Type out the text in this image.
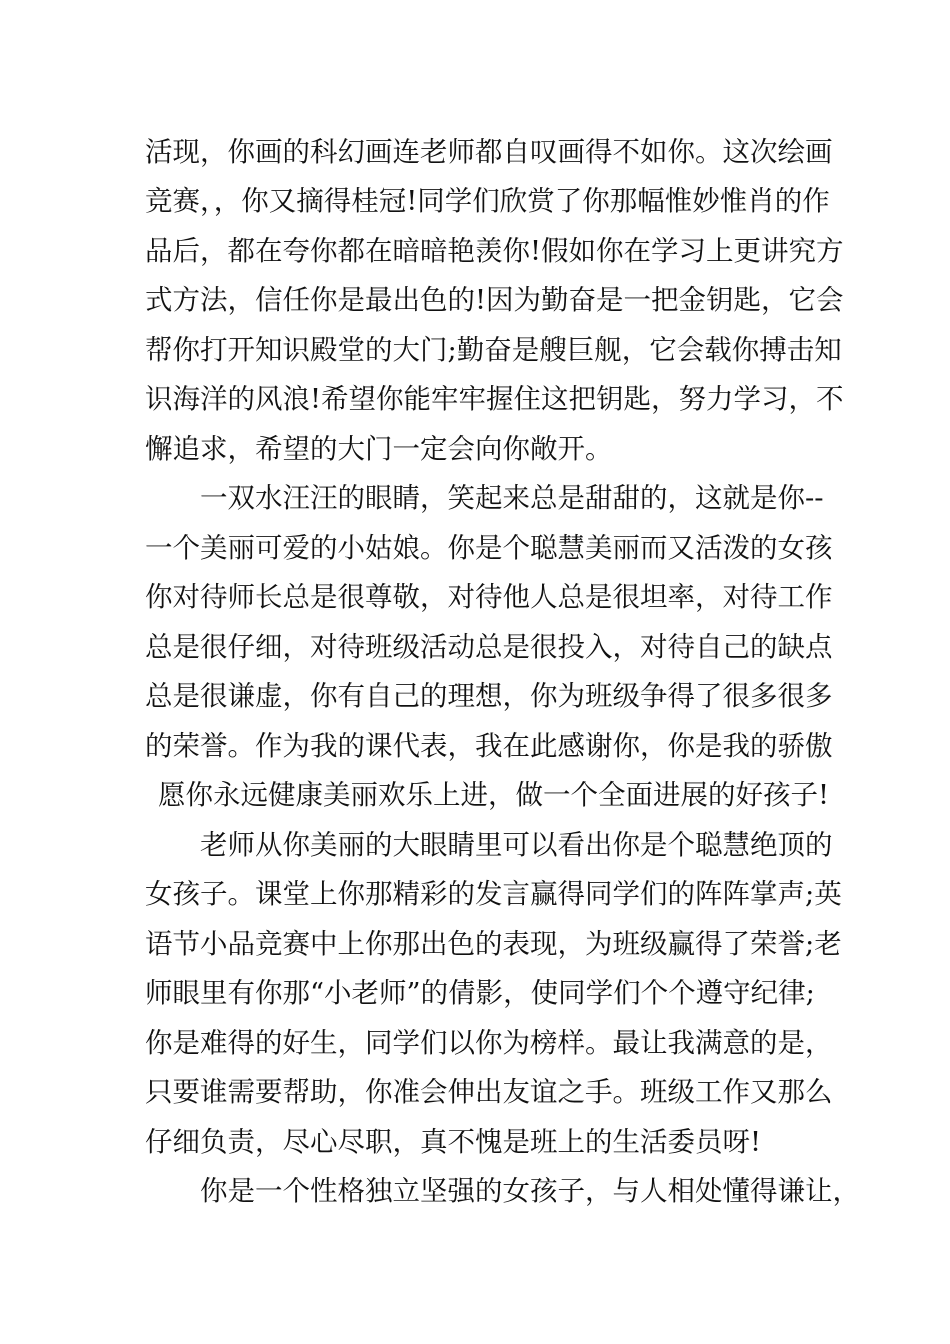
活现，你画的科幻画连老师都自叹画得不如你。这次绘画

竞赛，，你又摘得桂冠!同学们欣赏了你那幅惟妙惟肖的作

品后，都在夸你都在暗暗艳羡你!假如你在学习上更讲究方

式方法，信任你是最出色的!因为勤奋是一把金钥匙，它会

帮你打开知识殿堂的大门;勤奋是艘巨舰，它会载你搏击知

识海洋的风浪!希望你能牢牢握住这把钥匙，努力学习，不

懈追求，希望的大门一定会向你敞开。

一双水汪汪的眼睛，笑起来总是甜甜的，这就是你--

一个美丽可爱的小姑娘。你是个聪慧美丽而又活泼的女孩

你对待师长总是很尊敬，对待他人总是很坦率，对待工作

总是很仔细，对待班级活动总是很投入，对待自己的缺点

总是很谦虚，你有自己的理想，你为班级争得了很多很多

的荣誉。作为我的课代表，我在此感谢你，你是我的骄傲

愿你永远健康美丽欢乐上进，做一个全面进展的好孩子!

老师从你美丽的大眼睛里可以看出你是个聪慧绝顶的

女孩子。课堂上你那精彩的发言赢得同学们的阵阵掌声;英

语节小品竞赛中上你那出色的表现，为班级赢得了荣誉;老

师眼里有你那“小老师”的倩影，使同学们个个遵守纪律;

你是难得的好生，同学们以你为榜样。最让我满意的是，

只要谁需要帮助，你准会伸出友谊之手。班级工作又那么

仔细负责，尽心尽职，真不愧是班上的生活委员呀!

你是一个性格独立坚强的女孩子，与人相处懂得谦让，
